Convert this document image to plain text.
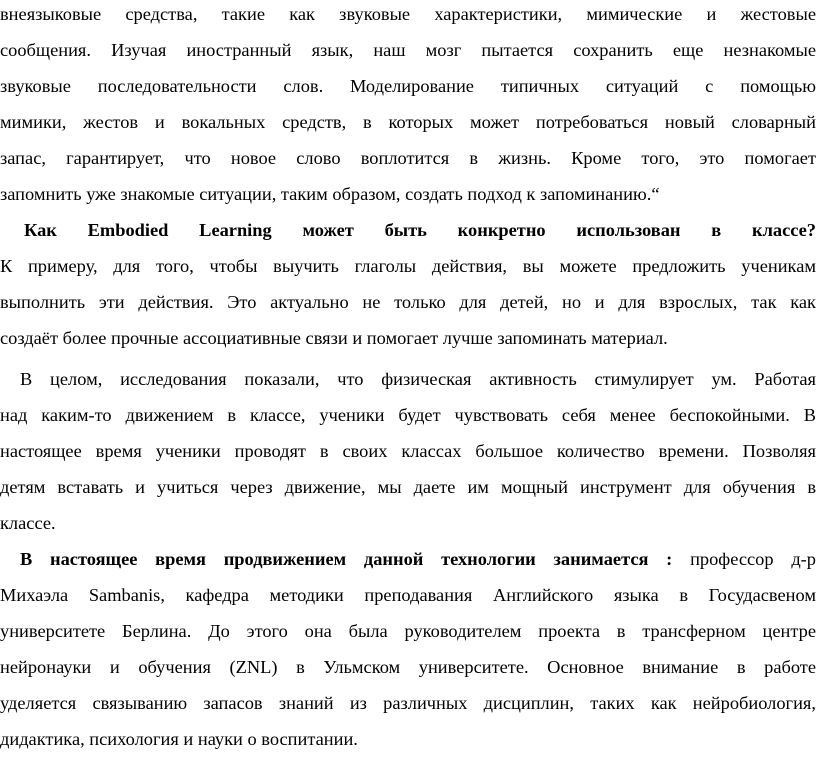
внеязыковые средства, такие как звуковые характеристики, мимические и жестовые
сообщения. Изучая иностранный язык, наш мозг пытается сохранить еще незнакомые
звуковые последовательности слов. Моделирование типичных ситуаций с помощью
мимики, жестов и вокальных средств, в которых может потребоваться новый словарный
запас, гарантирует, что новое слово воплотится в жизнь. Кроме того, это помогает
запомнить уже знакомые ситуации, таким образом, создать подход к запоминанию.“
Как Embodied Learning может быть конкретно использован в классе?
К примеру, для того, чтобы выучить глаголы действия, вы можете предложить ученикам
выполнить эти действия. Это актуально не только для детей, но и для взрослых, так как
создаёт более прочные ассоциативные связи и помогает лучше запоминать материал.
В целом, исследования показали, что физическая активность стимулирует ум. Работая
над каким-то движением в классе, ученики будет чувствовать себя менее беспокойными. В
настоящее время ученики проводят в своих классах большое количество времени. Позволяя
детям вставать и учиться через движение, мы даете им мощный инструмент для обучения в
классе.
В настоящее время продвижением данной технологии занимается : профессор д-р
Михаэла Sambanis, кафедра методики преподавания Английского языка в Госудасвеном
университете Берлина. До этого она была руководителем проекта в трансферном центре
нейронауки и обучения (ZNL) в Ульмском университете. Основное внимание в работе
уделяется связыванию запасов знаний из различных дисциплин, таких как нейробиология,
дидактика, психология и науки о воспитании.
